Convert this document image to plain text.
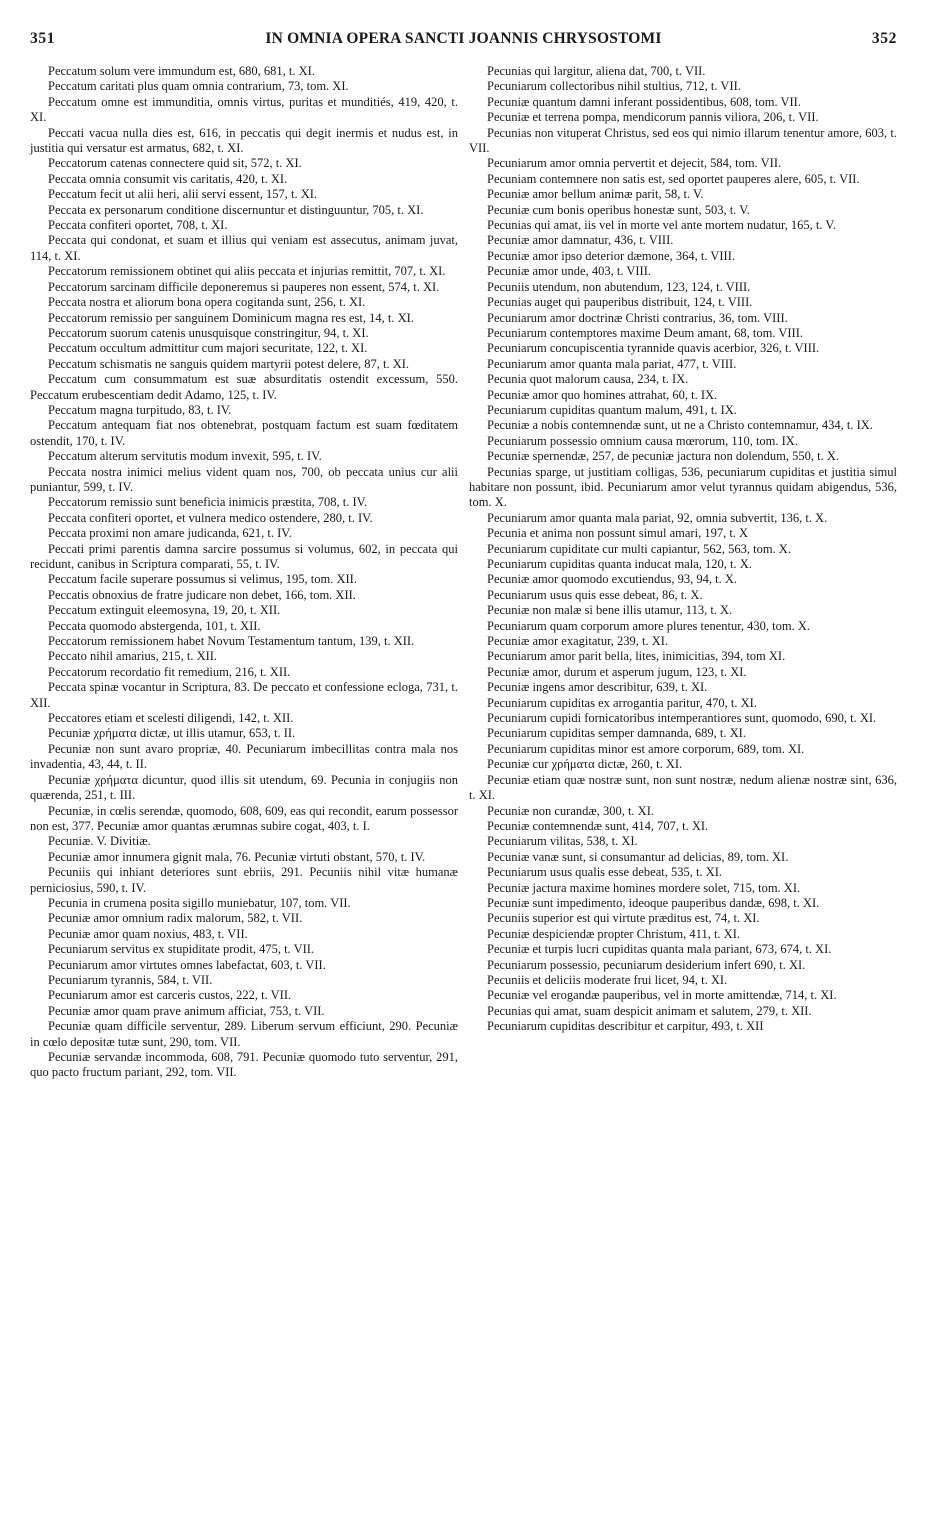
351	IN OMNIA OPERA SANCTI JOANNIS CHRYSOSTOMI	352

Peccatum solum vere immundum est, 680, 681, t. XI.

Peccatum caritati plus quam omnia contrarium, 73, tom. XI.

Peccatum omne est immunditia, omnis virtus, puritas et munditiés, 419, 420, t. XI.

Peccati vacua nulla dies est, 616, in peccatis qui degit inermis et nudus est, in justitia qui versatur est armatus, 682, t. XI.

Peccatorum catenas connectere quid sit, 572, t. XI.

Peccata omnia consumit vis caritatis, 420, t. XI.

Peccatum fecit ut alii heri, alii servi essent, 157, t. XI.

Peccata ex personarum conditione discernuntur et distinguuntur, 705, t. XI.

Peccata confiteri oportet, 708, t. XI.

Peccata qui condonat, et suam et illius qui veniam est assecutus, animam juvat, 114, t. XI.

Peccatorum remissionem obtinet qui aliis peccata et injurias remittit, 707, t. XI.

Peccatorum sarcinam difficile deponeremus si pauperes non essent, 574, t. XI.

Peccata nostra et aliorum bona opera cogitanda sunt, 256, t. XI.

Peccatorum remissio per sanguinem Dominicum magna res est, 14, t. XI.

Peccatorum suorum catenis unusquisque constringitur, 94, t. XI.

Peccatum occultum admittitur cum majori securitate, 122, t. XI.

Peccatum schismatis ne sanguis quidem martyrii potest delere, 87, t. XI.

Peccatum cum consummatum est suæ absurditatis ostendit excessum, 550. Peccatum erubescentiam dedit Adamo, 125, t. IV.

Peccatum magna turpitudo, 83, t. IV.

Peccatum antequam fiat nos obtenebrat, postquam factum est suam fœditatem ostendit, 170, t. IV.

Peccatum alterum servitutis modum invexit, 595, t. IV.

Peccata nostra inimici melius vident quam nos, 700, ob peccata unius cur alii puniantur, 599, t. IV.

Peccatorum remissio sunt beneficia inimicis præstita, 708, t. IV.

Peccata confiteri oportet, et vulnera medico ostendere, 280, t. IV.

Peccata proximi non amare judicanda, 621, t. IV.

Peccati primi parentis damna sarcire possumus si volumus, 602, in peccata qui recidunt, canibus in Scriptura comparati, 55, t. IV.

Peccatum facile superare possumus si velimus, 195, tom. XII.

Peccatis obnoxius de fratre judicare non debet, 166, tom. XII.

Peccatum extinguit eleemosyna, 19, 20, t. XII.

Peccata quomodo abstergenda, 101, t. XII.

Peccatorum remissionem habet Novum Testamentum tantum, 139, t. XII.

Peccato nihil amarius, 215, t. XII.

Peccatorum recordatio fit remedium, 216, t. XII.

Peccata spinæ vocantur in Scriptura, 83. De peccato et confessione ecloga, 731, t. XII.

Peccatores etiam et scelesti diligendi, 142, t. XII.

Pecuniæ χρήματα dictæ, ut illis utamur, 653, t. II.

Pecuniæ non sunt avaro propriæ, 40. Pecuniarum imbecillitas contra mala nos invadentia, 43, 44, t. II.

Pecuniæ χρήματα dicuntur, quod illis sit utendum, 69. Pecunia in conjugiis non quærenda, 251, t. III.

Pecuniæ, in cœlis serendæ, quomodo, 608, 609, eas qui recondit, earum possessor non est, 377. Pecuniæ amor quantas ærumnas subire cogat, 403, t. I.

Pecuniæ. V. Divitiæ.

Pecuniæ amor innumera gignit mala, 76. Pecuniæ virtuti obstant, 570, t. IV.

Pecuniis qui inhiant deteriores sunt ebriis, 291. Pecuniis nihil vitæ humanæ perniciosius, 590, t. IV.

Pecunia in crumena posita sigillo muniebatur, 107, tom. VII.

Pecuniæ amor omnium radix malorum, 582, t. VII.

Pecuniæ amor quam noxius, 483, t. VII.

Pecuniarum servitus ex stupiditate prodit, 475, t. VII.

Pecuniarum amor virtutes omnes labefactat, 603, t. VII.

Pecuniarum tyrannis, 584, t. VII.

Pecuniarum amor est carceris custos, 222, t. VII.

Pecuniæ amor quam prave animum afficiat, 753, t. VII.

Pecuniæ quam difficile serventur, 289. Liberum servum efficiunt, 290. Pecuniæ in cœlo depositæ tutæ sunt, 290, tom. VII.

Pecuniæ servandæ incommoda, 608, 791. Pecuniæ quomodo tuto serventur, 291, quo pacto fructum pariant, 292, tom. VII.

Pecunias qui largitur, aliena dat, 700, t. VII.

Pecuniarum collectoribus nihil stultius, 712, t. VII.

Pecuniæ quantum damni inferant possidentibus, 608, tom. VII.

Pecuniæ et terrena pompa, mendicorum pannis viliora, 206, t. VII.

Pecunias non vituperat Christus, sed eos qui nimio illarum tenentur amore, 603, t. VII.

Pecuniarum amor omnia pervertit et dejecit, 584, tom. VII.

Pecuniam contemnere non satis est, sed oportet pauperes alere, 605, t. VII.

Pecuniæ amor bellum animæ parit, 58, t. V.

Pecuniæ cum bonis operibus honestæ sunt, 503, t. V.

Pecunias qui amat, iis vel in morte vel ante mortem nudatur, 165, t. V.

Pecuniæ amor damnatur, 436, t. VIII.

Pecuniæ amor ipso deterior dæmone, 364, t. VIII.

Pecuniæ amor unde, 403, t. VIII.

Pecuniis utendum, non abutendum, 123, 124, t. VIII.

Pecunias auget qui pauperibus distribuit, 124, t. VIII.

Pecuniarum amor doctrinæ Christi contrarius, 36, tom. VIII.

Pecuniarum contemptores maxime Deum amant, 68, tom. VIII.

Pecuniarum concupiscentia tyrannide quavis acerbior, 326, t. VIII.

Pecuniarum amor quanta mala pariat, 477, t. VIII.

Pecunia quot malorum causa, 234, t. IX.

Pecuniæ amor quo homines attrahat, 60, t. IX.

Pecuniarum cupiditas quantum malum, 491, t. IX.

Pecuniæ a nobis contemnendæ sunt, ut ne a Christo contemnamur, 434, t. IX.

Pecuniarum possessio omnium causa mœrorum, 110, tom. IX.

Pecuniæ spernendæ, 257, de pecuniæ jactura non dolendum, 550, t. X.

Pecunias sparge, ut justitiam colligas, 536, pecuniarum cupiditas et justitia simul habitare non possunt, ibid. Pecuniarum amor velut tyrannus quidam abigendus, 536, tom. X.

Pecuniarum amor quanta mala pariat, 92, omnia subvertit, 136, t. X.

Pecunia et anima non possunt simul amari, 197, t. X

Pecuniarum cupiditate cur multi capiantur, 562, 563, tom. X.

Pecuniarum cupiditas quanta inducat mala, 120, t. X.

Pecuniæ amor quomodo excutiendus, 93, 94, t. X.

Pecuniarum usus quis esse debeat, 86, t. X.

Pecuniæ non malæ si bene illis utamur, 113, t. X.

Pecuniarum quam corporum amore plures tenentur, 430, tom. X.

Pecuniæ amor exagitatur, 239, t. XI.

Pecuniarum amor parit bella, lites, inimicitias, 394, tom XI.

Pecuniæ amor, durum et asperum jugum, 123, t. XI.

Pecuniæ ingens amor describitur, 639, t. XI.

Pecuniarum cupiditas ex arrogantia paritur, 470, t. XI.

Pecuniarum cupidi fornicatoribus intemperantiores sunt, quomodo, 690, t. XI.

Pecuniarum cupiditas semper damnanda, 689, t. XI.

Pecuniarum cupiditas minor est amore corporum, 689, tom. XI.

Pecuniæ cur χρήματα dictæ, 260, t. XI.

Pecuniæ etiam quæ nostræ sunt, non sunt nostræ, nedum alienæ nostræ sint, 636, t. XI.

Pecuniæ non curandæ, 300, t. XI.

Pecuniæ contemnendæ sunt, 414, 707, t. XI.

Pecuniarum vilitas, 538, t. XI.

Pecuniæ vanæ sunt, si consumantur ad delicias, 89, tom. XI.

Pecuniarum usus qualis esse debeat, 535, t. XI.

Pecuniæ jactura maxime homines mordere solet, 715, tom. XI.

Pecuniæ sunt impedimento, ideoque pauperibus dandæ, 698, t. XI.

Pecuniis superior est qui virtute præditus est, 74, t. XI.

Pecuniæ despiciendæ propter Christum, 411, t. XI.

Pecuniæ et turpis lucri cupiditas quanta mala pariant, 673, 674, t. XI.

Pecuniarum possessio, pecuniarum desiderium infert 690, t. XI.

Pecuniis et deliciis moderate frui licet, 94, t. XI.

Pecuniæ vel erogandæ pauperibus, vel in morte amittendæ, 714, t. XI.

Pecunias qui amat, suam despicit animam et salutem, 279, t. XII.

Pecuniarum cupiditas describitur et carpitur, 493, t. XII
